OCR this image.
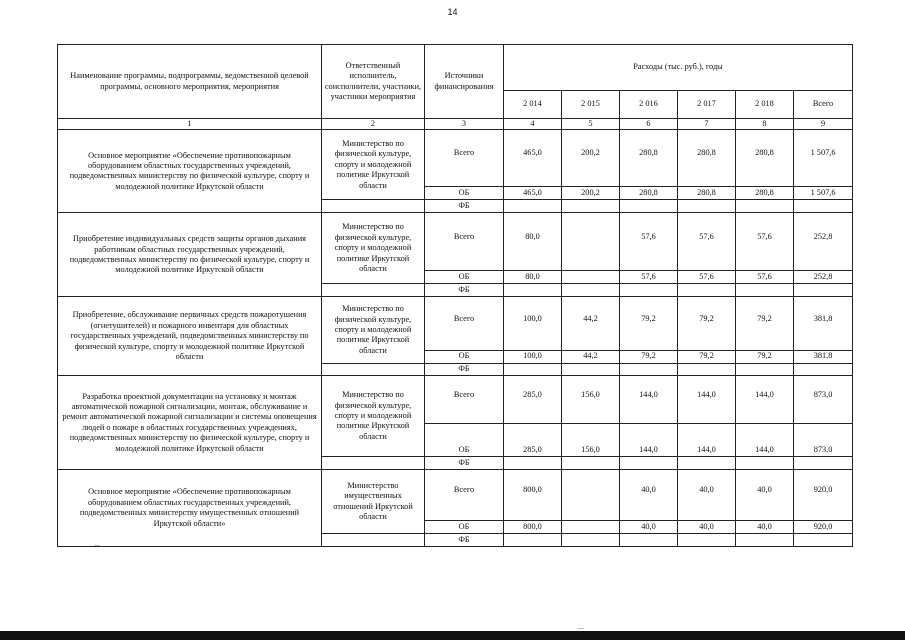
14
Наименование программы, подпрограммы, ведомственной целевой программы, основного мероприятия, мероприятия	Ответственный исполнитель, соисполнители, участники, участники мероприятия	Источники финансирования	Расходы (тыс. руб.), годы					
			2 014	2 015	2 016	2 017	2 018	Всего
1	2	3	4	5	6	7	8	9
Основное мероприятие «Обеспечение противопожарным оборудованием областных государственных учреждений, подведомственных министерству по физической культуре, спорту и молодежной политике Иркутской области	Министерство по физической культуре, спорту и молодежной политике Иркутской области	Всего	465,0	200,2	280,8	280,8	280,8	1 507,6
		ОБ	465,0	200,2	280,8	280,8	280,8	1 507,6
		ФБ						
Приобретение индивидуальных средств защиты органов дыхания работникам областных государственных учреждений, подведомственных министерству по физической культуре, спорту и молодежной политике Иркутской области	Министерство по физической культуре, спорту и молодежной политике Иркутской области	Всего	80,0		57,6	57,6	57,6	252,8
		ОБ	80,0		57,6	57,6	57,6	252,8
		ФБ						
Приобретение, обслуживание первичных средств пожаротушения (огнетушителей) и пожарного инвентаря для областных государственных учреждений, подведомственных министерству по физической культуре, спорту и молодежной политике Иркутской области	Министерство по физической культуре, спорту и молодежной политике Иркутской области	Всего	100,0	44,2	79,2	79,2	79,2	381,8
		ОБ	100,0	44,2	79,2	79,2	79,2	381,8
		ФБ						
Разработка проектной документации на установку и монтаж автоматической пожарной сигнализации, монтаж, обслуживание и ремонт автоматической пожарной сигнализации и системы оповещения людей о пожаре в областных государственных учреждениях, подведомственных министерству по физической культуре, спорту и молодежной политике Иркутской области	Министерство по физической культуре, спорту и молодежной политике Иркутской области	Всего	285,0	156,0	144,0	144,0	144,0	873,0
		ОБ	285,0	156,0	144,0	144,0	144,0	873,0
		ФБ						
Основное мероприятие «Обеспечение противопожарным оборудованием областных государственных учреждений, подведомственных министерству имущественных отношений Иркутской области»	Министерство имущественных отношений Иркутской области	Всего	800,0		40,0	40,0	40,0	920,0
		ОБ	800,0		40,0	40,0	40,0	920,0
		ФБ						
